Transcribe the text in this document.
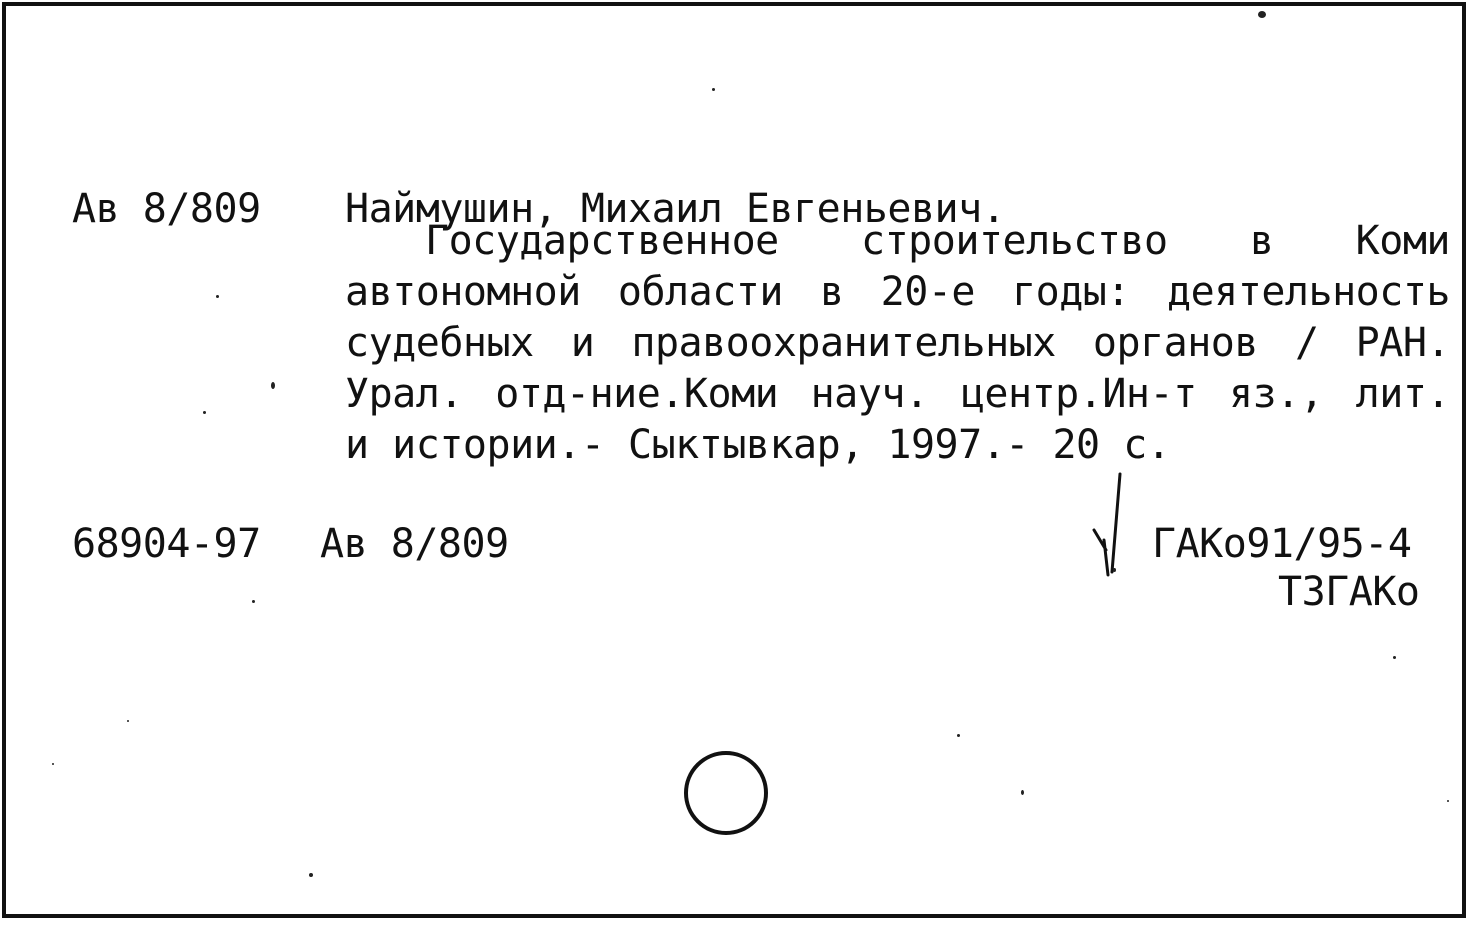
Ав 8/809 Наймушин, Михаил Евгеньевич.
Государственное строительство в Коми
автономной области в 20-е годы: деятельность
судебных и правоохранительных органов / РАН.
Урал. отд-ние.Коми науч. центр.Ин-т яз., лит.
и истории.- Сыктывкар, 1997.- 20 с.
68904-97 Ав 8/809	ГАКо91/95-4
ТЗГАКо
